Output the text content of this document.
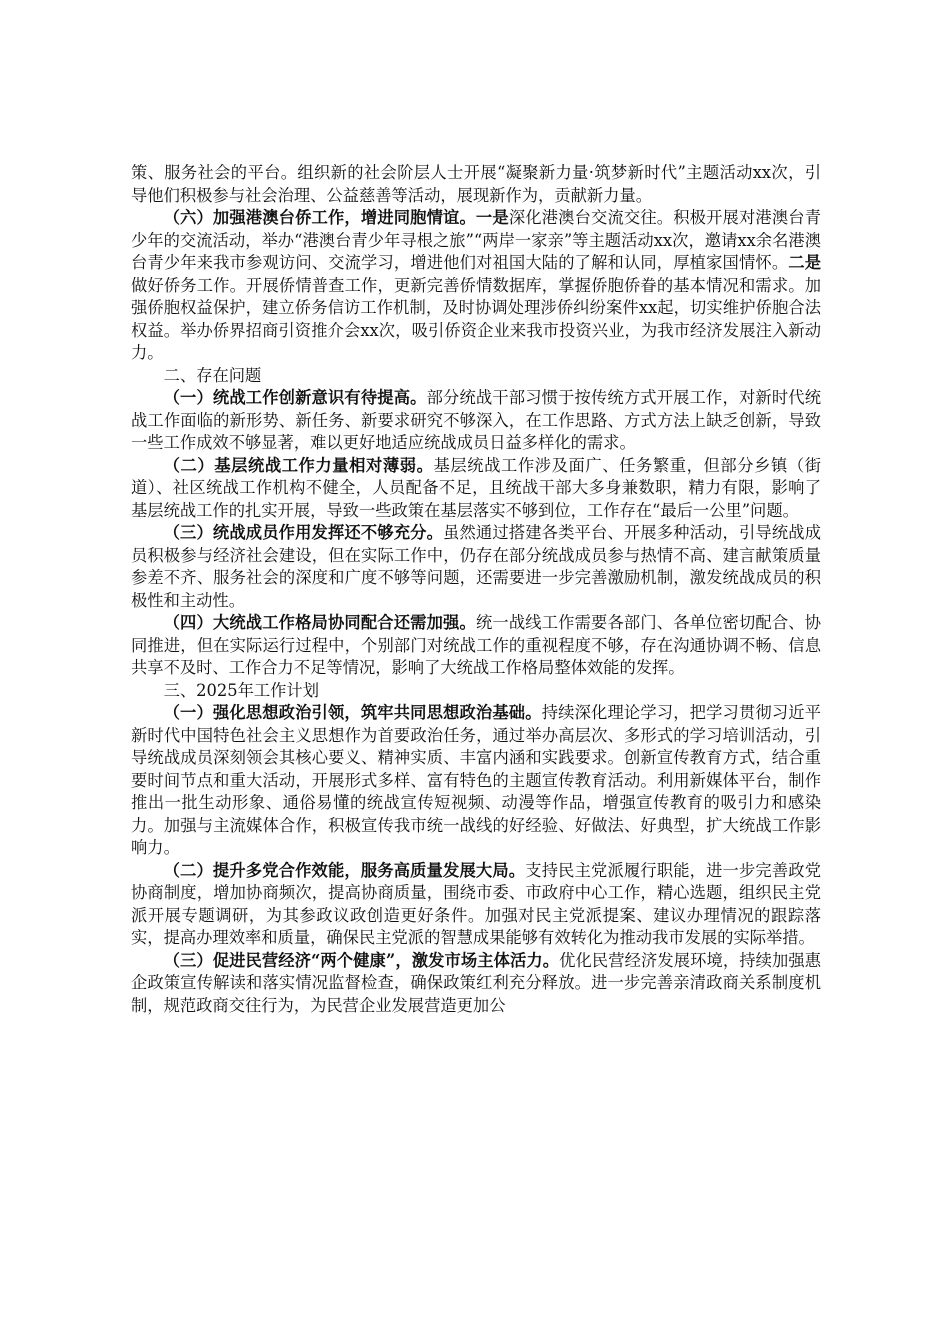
策、服务社会的平台。组织新的社会阶层人士开展“凝聚新力量·筑梦新时代”主题活动xx次，引导他们积极参与社会治理、公益慈善等活动，展现新作为，贡献新力量。

（六）加强港澳台侨工作，增进同胞情谊。一是深化港澳台交流交往。积极开展对港澳台青少年的交流活动，举办“港澳台青少年寻根之旅”“两岸一家亲”等主题活动xx次，邀请xx余名港澳台青少年来我市参观访问、交流学习，增进他们对祖国大陆的了解和认同，厚植家国情怀。二是做好侨务工作。开展侨情普查工作，更新完善侨情数据库，掌握侨胞侨眷的基本情况和需求。加强侨胞权益保护，建立侨务信访工作机制，及时协调处理涉侨纠纷案件xx起，切实维护侨胞合法权益。举办侨界招商引资推介会xx次，吸引侨资企业来我市投资兴业，为我市经济发展注入新动力。

二、存在问题

（一）统战工作创新意识有待提高。部分统战干部习惯于按传统方式开展工作，对新时代统战工作面临的新形势、新任务、新要求研究不够深入，在工作思路、方式方法上缺乏创新，导致一些工作成效不够显著，难以更好地适应统战成员日益多样化的需求。

（二）基层统战工作力量相对薄弱。基层统战工作涉及面广、任务繁重，但部分乡镇（街道）、社区统战工作机构不健全，人员配备不足，且统战干部大多身兼数职，精力有限，影响了基层统战工作的扎实开展，导致一些政策在基层落实不够到位，工作存在“最后一公里”问题。

（三）统战成员作用发挥还不够充分。虽然通过搭建各类平台、开展多种活动，引导统战成员积极参与经济社会建设，但在实际工作中，仍存在部分统战成员参与热情不高、建言献策质量参差不齐、服务社会的深度和广度不够等问题，还需要进一步完善激励机制，激发统战成员的积极性和主动性。

（四）大统战工作格局协同配合还需加强。统一战线工作需要各部门、各单位密切配合、协同推进，但在实际运行过程中，个别部门对统战工作的重视程度不够，存在沟通协调不畅、信息共享不及时、工作合力不足等情况，影响了大统战工作格局整体效能的发挥。

三、2025年工作计划

（一）强化思想政治引领，筑牢共同思想政治基础。持续深化理论学习，把学习贯彻习近平新时代中国特色社会主义思想作为首要政治任务，通过举办高层次、多形式的学习培训活动，引导统战成员深刻领会其核心要义、精神实质、丰富内涵和实践要求。创新宣传教育方式，结合重要时间节点和重大活动，开展形式多样、富有特色的主题宣传教育活动。利用新媒体平台，制作推出一批生动形象、通俗易懂的统战宣传短视频、动漫等作品，增强宣传教育的吸引力和感染力。加强与主流媒体合作，积极宣传我市统一战线的好经验、好做法、好典型，扩大统战工作影响力。

（二）提升多党合作效能，服务高质量发展大局。支持民主党派履行职能，进一步完善政党协商制度，增加协商频次，提高协商质量，围绕市委、市政府中心工作，精心选题，组织民主党派开展专题调研，为其参政议政创造更好条件。加强对民主党派提案、建议办理情况的跟踪落实，提高办理效率和质量，确保民主党派的智慧成果能够有效转化为推动我市发展的实际举措。

（三）促进民营经济“两个健康”，激发市场主体活力。优化民营经济发展环境，持续加强惠企政策宣传解读和落实情况监督检查，确保政策红利充分释放。进一步完善亲清政商关系制度机制，规范政商交往行为，为民营企业发展营造更加公
